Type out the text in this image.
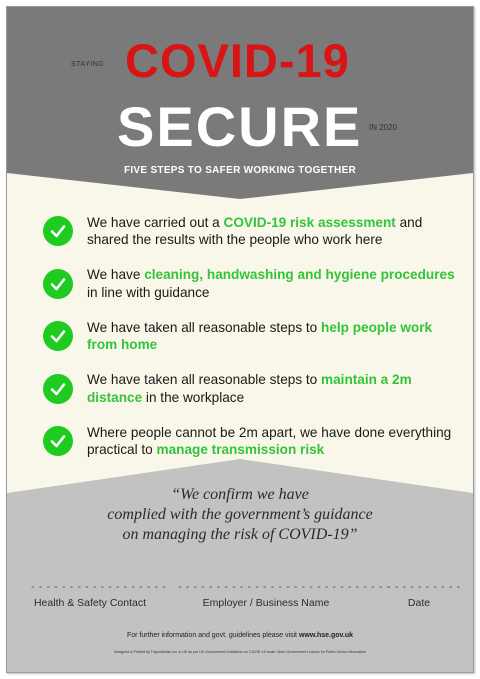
STAYING COVID-19
SECURE IN 2020
FIVE STEPS TO SAFER WORKING TOGETHER
We have carried out a COVID-19 risk assessment and shared the results with the people who work here
We have cleaning, handwashing and hygiene procedures in line with guidance
We have taken all reasonable steps to help people work from home
We have taken all reasonable steps to maintain a 2m distance in the workplace
Where people cannot be 2m apart, we have done everything practical to manage transmission risk
“We confirm we have
complied with the government’s guidance
on managing the risk of COVID-19”
- - - - - - - - - - - - - - - - - - - - - - - - - - - - - - - - - - - - - - - - - - - - - -
- - - - - - - - - -
Health & Safety Contact	Employer / Business Name	Date
For further information and govt. guidelines please visit www.hse.gov.uk
Designed & Printed by TrigonMedia Ltd. in UK as per UK Government Guidelines on COVID-19 under Open Government Licence for Public Sector Information
